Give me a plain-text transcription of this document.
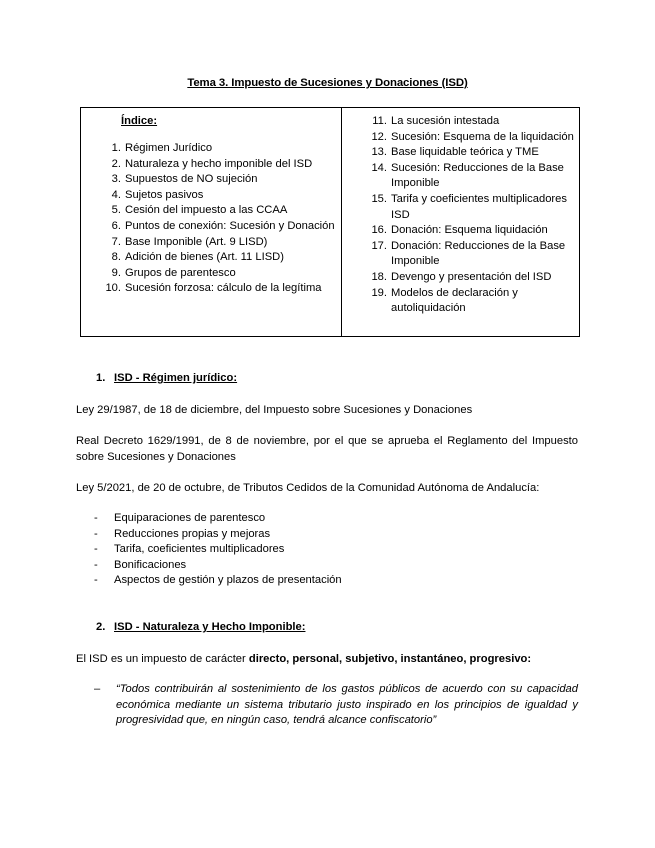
Tema 3. Impuesto de Sucesiones y Donaciones (ISD)
Índice:
1. Régimen Jurídico
2. Naturaleza y hecho imponible del ISD
3. Supuestos de NO sujeción
4. Sujetos pasivos
5. Cesión del impuesto a las CCAA
6. Puntos de conexión: Sucesión y Donación
7. Base Imponible (Art. 9 LISD)
8. Adición de bienes (Art. 11 LISD)
9. Grupos de parentesco
10. Sucesión forzosa: cálculo de la legítima
11. La sucesión intestada
12. Sucesión: Esquema de la liquidación
13. Base liquidable teórica y TME
14. Sucesión: Reducciones de la Base Imponible
15. Tarifa y coeficientes multiplicadores ISD
16. Donación: Esquema liquidación
17. Donación: Reducciones de la Base Imponible
18. Devengo y presentación del ISD
19. Modelos de declaración y autoliquidación
1. ISD - Régimen jurídico:

Ley 29/1987, de 18 de diciembre, del Impuesto sobre Sucesiones y Donaciones

Real Decreto 1629/1991, de 8 de noviembre, por el que se aprueba el Reglamento del Impuesto sobre Sucesiones y Donaciones

Ley 5/2021, de 20 de octubre, de Tributos Cedidos de la Comunidad Autónoma de Andalucía:

-	Equiparaciones de parentesco
-	Reducciones propias y mejoras
-	Tarifa, coeficientes multiplicadores
-	Bonificaciones
-	Aspectos de gestión y plazos de presentación
2. ISD - Naturaleza y Hecho Imponible:

El ISD es un impuesto de carácter directo, personal, subjetivo, instantáneo, progresivo:

–	“Todos contribuirán al sostenimiento de los gastos públicos de acuerdo con su capacidad económica mediante un sistema tributario justo inspirado en los principios de igualdad y progresividad que, en ningún caso, tendrá alcance confiscatorio”
